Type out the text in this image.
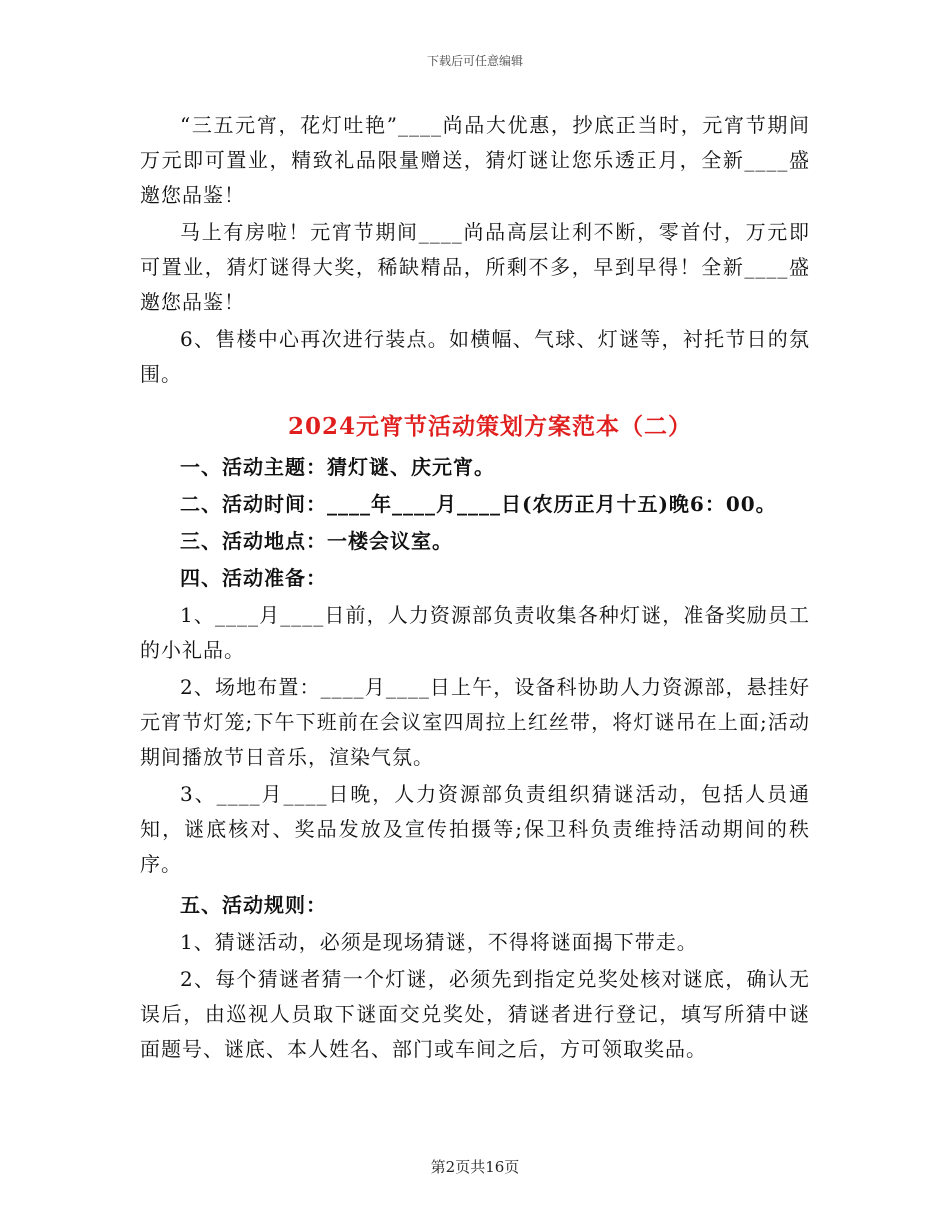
下载后可任意编辑

“三五元宵，花灯吐艳”____尚品大优惠，抄底正当时，元宵节期间万元即可置业，精致礼品限量赠送，猜灯谜让您乐透正月，全新____盛邀您品鉴！

马上有房啦！元宵节期间____尚品高层让利不断，零首付，万元即可置业，猜灯谜得大奖，稀缺精品，所剩不多，早到早得！全新____盛邀您品鉴！

6、售楼中心再次进行装点。如横幅、气球、灯谜等，衬托节日的氛围。

2024元宵节活动策划方案范本（二）

一、活动主题：猜灯谜、庆元宵。

二、活动时间：____年____月____日(农历正月十五)晚6：00。

三、活动地点：一楼会议室。

四、活动准备：

1、____月____日前，人力资源部负责收集各种灯谜，准备奖励员工的小礼品。

2、场地布置：____月____日上午，设备科协助人力资源部，悬挂好元宵节灯笼;下午下班前在会议室四周拉上红丝带，将灯谜吊在上面;活动期间播放节日音乐，渲染气氛。

3、____月____日晚，人力资源部负责组织猜谜活动，包括人员通知，谜底核对、奖品发放及宣传拍摄等;保卫科负责维持活动期间的秩序。

五、活动规则：

1、猜谜活动，必须是现场猜谜，不得将谜面揭下带走。

2、每个猜谜者猜一个灯谜，必须先到指定兑奖处核对谜底，确认无误后，由巡视人员取下谜面交兑奖处，猜谜者进行登记，填写所猜中谜面题号、谜底、本人姓名、部门或车间之后，方可领取奖品。

第2页共16页
